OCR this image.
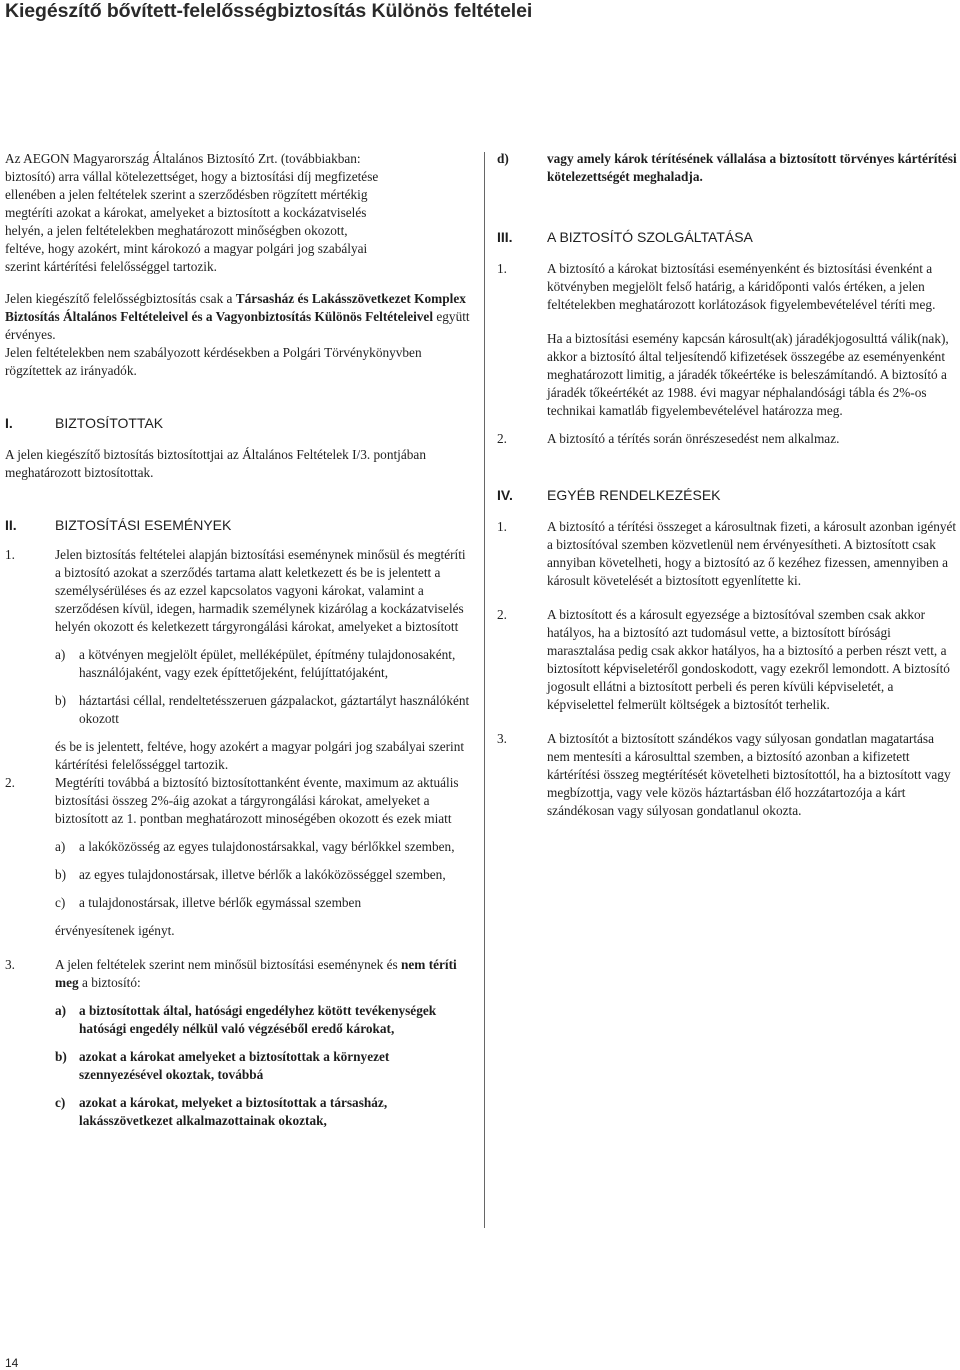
Kiegészítő bővített-felelősségbiztosítás Különös feltételei

Az AEGON Magyarország Általános Biztosító Zrt. (továbbiakban:

biztosító) arra vállal kötelezettséget, hogy a biztosítási díj megfizetése

ellenében a jelen feltételek szerint a szerződésben rögzített mértékig

megtéríti azokat a károkat, amelyeket a biztosított a kockázatviselés

helyén, a jelen feltételekben meghatározott minőségben okozott,

feltéve, hogy azokért, mint károkozó a magyar polgári jog szabályai

szerint kártérítési felelősséggel tartozik.

Jelen kiegészítő felelősségbiztosítás csak a Társasház és Lakásszövetkezet Komplex Biztosítás Általános Feltételeivel és a Vagyonbiztosítás Különös Feltételeivel együtt érvényes.

Jelen feltételekben nem szabályozott kérdésekben a Polgári Törvénykönyvben rögzítettek az irányadók.

I.	BIZTOSÍTOTTAK

A jelen kiegészítő biztosítás biztosítottjai az Általános Feltételek I/3. pontjában meghatározott biztosítottak.

II.	BIZTOSÍTÁSI ESEMÉNYEK
1.	Jelen biztosítás feltételei alapján biztosítási eseménynek minősül és megtéríti a biztosító azokat a szerződés tartama alatt keletkezett és be is jelentett a személysérüléses és az ezzel kapcsolatos vagyoni károkat, valamint a szerződésen kívül, idegen, harmadik személynek kizárólag a kockázatviselés helyén okozott és keletkezett tárgyrongálási károkat, amelyeket a biztosított

a)	a kötvényen megjelölt épület, melléképület, építmény tulajdonosaként, használójaként, vagy ezek építtetőjeként, felújíttatójaként,
b) háztartási céllal, rendeltetésszeruen gázpalackot, gáztartályt használóként okozott

és be is jelentett, feltéve, hogy azokért a magyar polgári jog szabályai szerint kártérítési felelősséggel tartozik.

2.	Megtéríti továbbá a biztosító biztosítottanként évente, maximum az aktuális biztosítási összeg 2%-áig azokat a tárgyrongálási károkat, amelyeket a biztosított az 1. pontban meghatározott minoségében okozott és ezek miatt

a)	a lakóközösség az egyes tulajdonostársakkal, vagy bérlőkkel szemben,
b) az egyes tulajdonostársak, illetve bérlők a lakóközösséggel szemben,
c)	a tulajdonostársak, illetve bérlők egymással szemben

érvényesítenek igényt.

3.	A jelen feltételek szerint nem minősül biztosítási eseménynek és nem téríti meg a biztosító:

a) a biztosítottak által, hatósági engedélyhez kötött tevékenységek hatósági engedély nélkül való végzéséből eredő károkat,
b) azokat a károkat amelyeket a biztosítottak a környezet szennyezésével okoztak, továbbá
c)	azokat a károkat, melyeket a biztosítottak a társasház, lakásszövetkezet alkalmazottainak okoztak,
d)	vagy amely károk térítésének vállalása a biztosított törvényes kártérítési kötelezettségét meghaladja.
III.	A BIZTOSÍTÓ SZOLGÁLTATÁSA
1.	A biztosító a károkat biztosítási eseményenként és biztosítási évenként a kötvényben megjelölt felső határig, a káridőponti valós értéken, a jelen feltételekben meghatározott korlátozások figyelembevételével téríti meg.

Ha a biztosítási esemény kapcsán károsult(ak) járadékjogosulttá válik(nak), akkor a biztosító által teljesítendő kifizetések összegébe az eseményenként meghatározott limitig, a járadék tőkeértéke is beleszámítandó. A biztosító a járadék tőkeértékét az 1988. évi magyar néphalandósági tábla és 2%-os technikai kamatláb figyelembevételével határozza meg.

2.	A biztosító a térítés során önrészesedést nem alkalmaz.
IV.	EGYÉB RENDELKEZÉSEK
1.	A biztosító a térítési összeget a károsultnak fizeti, a károsult azonban igényét a biztosítóval szemben közvetlenül nem érvényesítheti. A biztosított csak annyiban követelheti, hogy a biztosító az ő kezéhez fizessen, amennyiben a károsult követelését a biztosított egyenlítette ki.
2.	A biztosított és a károsult egyezsége a biztosítóval szemben csak akkor hatályos, ha a biztosító azt tudomásul vette, a biztosított bírósági marasztalása pedig csak akkor hatályos, ha a biztosító a perben részt vett, a biztosított képviseletéről gondoskodott, vagy ezekről lemondott. A biztosító jogosult ellátni a biztosított perbeli és peren kívüli képviseletét, a képviselettel felmerült költségek a biztosítót terhelik.
3.	A biztosítót a biztosított szándékos vagy súlyosan gondatlan magatartása nem mentesíti a károsulttal szemben, a biztosító azonban a kifizetett kártérítési összeg megtérítését követelheti biztosítottól, ha a biztosított vagy megbízottja, vagy vele közös háztartásban élő hozzátartozója a kárt szándékosan vagy súlyosan gondatlanul okozta.

14
